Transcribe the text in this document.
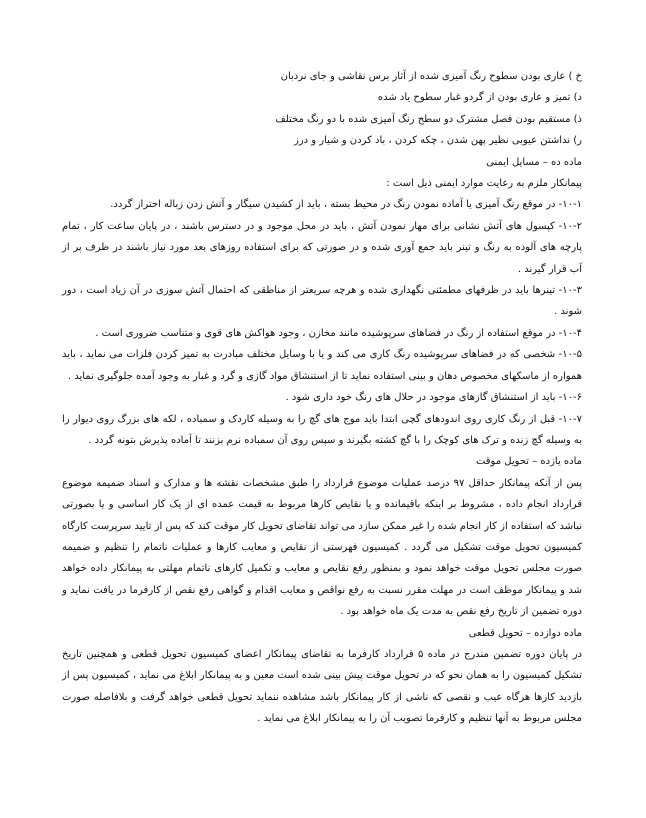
خ ) عاری بودن سطوح رنگ آمیزی شده از آثار برس نقاشی و جای نردبان

د) تمیز و عاری بودن از گردو غبار سطوح یاد شده

ذ) مستقیم بودن فصل مشترک دو سطح رنگ آمیزی شده با دو رنگ مختلف

ر) نداشتن عیوبی نظیر پهن شدن ، چکه کردن ، باد کردن و شیار و درز

ماده ده – مسایل ایمنی

پیمانکار ملزم به رعایت موارد ایمنی ذیل است :

۱۰-۱- در موقع رنگ آمیزی یا آماده نمودن رنگ در محیط بسته ، باید از کشیدن سیگار و آتش زدن زباله احتراز گردد.

۱۰-۲- کپسول های آتش نشانی برای مهار نمودن آتش ، باید در محل موجود و در دسترس باشند ، در پایان ساعت کار ، تمام پارچه های آلوده به رنگ و تینر باید جمع آوری شده و در صورتی که برای استفاده روزهای بعد مورد نیاز باشند در ظرف پر از آب قرار گیرند .

۱۰-۳- تینرها باید در ظرفهای مطمئنی نگهداری شده و هرچه سریعتر از مناطقی که احتمال آتش سوزی در آن زیاد است ، دور شوند .

۱۰-۴- در موقع استفاده از رنگ در فضاهای سرپوشیده مانند مخازن ، وجود هواکش های قوی و متناسب ضروری است .

۱۰-۵- شخصی که در فضاهای سرپوشیده رنگ کاری می کند و یا با وسایل مختلف مبادرت به تمیز کردن فلزات می نماید ، باید همواره از ماسکهای مخصوص دهان و بینی استفاده نماید تا از استنشاق مواد گازی و گرد و غبار به وجود آمده جلوگیری نماید .

۱۰-۶- باید از استنشاق گازهای موجود در حلال های رنگ خود داری شود .

۱۰-۷- قبل از رنگ کاری روی اندودهای گچی ابتدا باید موج های گچ را به وسیله کاردک و سمباده ، لکه های بزرگ روی دیوار را به وسیله گچ زنده و ترک های کوچک را با گچ کشته بگیرند و سپس روی آن سمباده نرم بزنند تا آماده پذیرش بتونه گردد .

ماده یازده – تحویل موقت

پس از آنکه پیمانکار حداقل ۹۷ درصد عملیات موضوع قرارداد را طبق مشخصات نقشه ها و مدارک و اسناد ضمیمه موضوع قرارداد انجام داده ، مشروط بر اینکه باقیمانده و یا نقایص کارها مربوط به قیمت عمده ای از یک کار اساسی و یا بصورتی نباشد که استفاده از کار انجام شده را غیر ممکن سازد می تواند تقاضای تحویل کار موقت کند که پس از تایید سرپرست کارگاه کمیسیون تحویل موقت تشکیل می گردد . کمیسیون فهرستی از نقایص و معایب کارها و عملیات ناتمام را تنظیم و ضمیمه صورت مجلس تحویل موقت خواهد نمود و بمنظور رفع نقایص و معایب و تکمیل کارهای ناتمام مهلتی به پیمانکار داده خواهد شد و پیمانکار موظف است در مهلت مقرر نسبت به رفع نواقص و معایب اقدام و گواهی رفع نقص از کارفرما در یافت نماید و دوره تضمین از تاریخ رفع نقص به مدت یک ماه خواهد بود .

ماده دوازده – تحویل قطعی

در پایان دوره تضمین مندرج در ماده ۵ قرارداد کارفرما به تقاضای پیمانکار اعضای کمیسیون تحویل قطعی و همچنین تاریخ تشکیل کمیسیون را به همان نحو که در تحویل موقت پیش بینی شده است معین و به پیمانکار ابلاغ می نماید ، کمیسیون پس از بازدید کارها هرگاه عیب و نقصی که ناشی از کار پیمانکار باشد مشاهده ننماید تحویل قطعی خواهد گرفت و بلافاصله صورت مجلس مربوط به آنها تنظیم و کارفرما تصویب آن را به پیمانکار ابلاغ می نماید .
